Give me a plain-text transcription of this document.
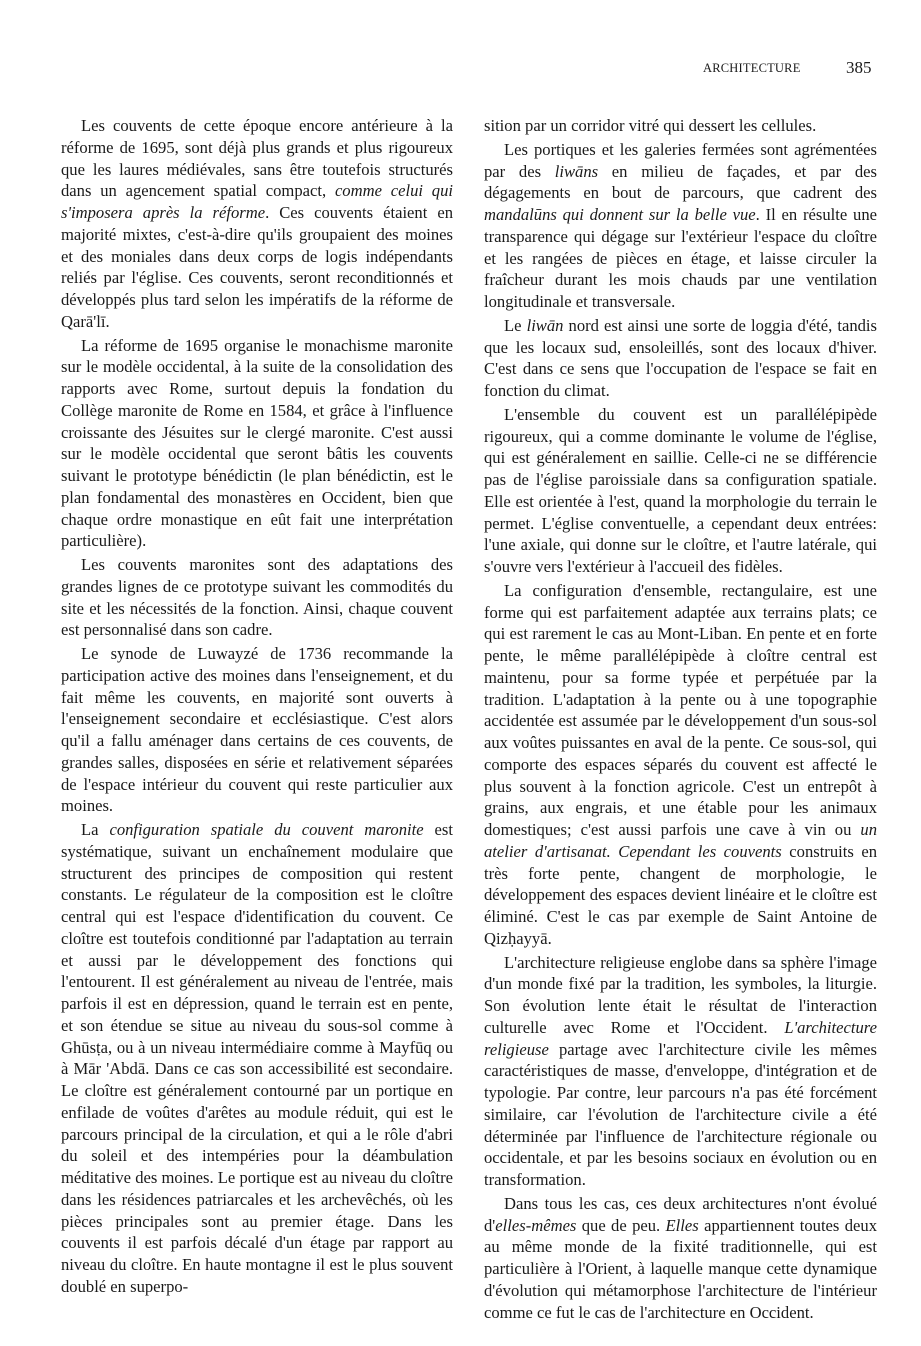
ARCHITECTURE	385

Les couvents de cette époque encore antérieure à la réforme de 1695, sont déjà plus grands et plus rigoureux que les laures médiévales, sans être toutefois structurés dans un agencement spatial compact, comme celui qui s'imposera après la réforme. Ces couvents étaient en majorité mixtes, c'est-à-dire qu'ils groupaient des moines et des moniales dans deux corps de logis indépendants reliés par l'église. Ces couvents, seront reconditionnés et développés plus tard selon les impératifs de la réforme de Qarā'lī.

La réforme de 1695 organise le monachisme maronite sur le modèle occidental, à la suite de la consolidation des rapports avec Rome, surtout depuis la fondation du Collège maronite de Rome en 1584, et grâce à l'influence croissante des Jésuites sur le clergé maronite. C'est aussi sur le modèle occidental que seront bâtis les couvents suivant le prototype bénédictin (le plan bénédictin, est le plan fondamental des monastères en Occident, bien que chaque ordre monastique en eût fait une interprétation particulière).

Les couvents maronites sont des adaptations des grandes lignes de ce prototype suivant les commodités du site et les nécessités de la fonction. Ainsi, chaque couvent est personnalisé dans son cadre.

Le synode de Luwayzé de 1736 recommande la participation active des moines dans l'enseignement, et du fait même les couvents, en majorité sont ouverts à l'enseignement secondaire et ecclésiastique. C'est alors qu'il a fallu aménager dans certains de ces couvents, de grandes salles, disposées en série et relativement séparées de l'espace intérieur du couvent qui reste particulier aux moines.

La configuration spatiale du couvent maronite est systématique, suivant un enchaînement modulaire que structurent des principes de composition qui restent constants. Le régulateur de la composition est le cloître central qui est l'espace d'identification du couvent. Ce cloître est toutefois conditionné par l'adaptation au terrain et aussi par le développement des fonctions qui l'entourent. Il est généralement au niveau de l'entrée, mais parfois il est en dépression, quand le terrain est en pente, et son étendue se situe au niveau du sous-sol comme à Ghūsṭa, ou à un niveau intermédiaire comme à Mayfūq ou à Mār 'Abdā. Dans ce cas son accessibilité est secondaire. Le cloître est généralement contourné par un portique en enfilade de voûtes d'arêtes au module réduit, qui est le parcours principal de la circulation, et qui a le rôle d'abri du soleil et des intempéries pour la déambulation méditative des moines. Le portique est au niveau du cloître dans les résidences patriarcales et les archevêchés, où les pièces principales sont au premier étage. Dans les couvents il est parfois décalé d'un étage par rapport au niveau du cloître. En haute montagne il est le plus souvent doublé en superpo-

sition par un corridor vitré qui dessert les cellules.

Les portiques et les galeries fermées sont agrémentées par des liwāns en milieu de façades, et par des dégagements en bout de parcours, que cadrent des mandalūns qui donnent sur la belle vue. Il en résulte une transparence qui dégage sur l'extérieur l'espace du cloître et les rangées de pièces en étage, et laisse circuler la fraîcheur durant les mois chauds par une ventilation longitudinale et transversale.

Le liwān nord est ainsi une sorte de loggia d'été, tandis que les locaux sud, ensoleillés, sont des locaux d'hiver. C'est dans ce sens que l'occupation de l'espace se fait en fonction du climat.

L'ensemble du couvent est un parallélépipède rigoureux, qui a comme dominante le volume de l'église, qui est généralement en saillie. Celle-ci ne se différencie pas de l'église paroissiale dans sa configuration spatiale. Elle est orientée à l'est, quand la morphologie du terrain le permet. L'église conventuelle, a cependant deux entrées: l'une axiale, qui donne sur le cloître, et l'autre latérale, qui s'ouvre vers l'extérieur à l'accueil des fidèles.

La configuration d'ensemble, rectangulaire, est une forme qui est parfaitement adaptée aux terrains plats; ce qui est rarement le cas au Mont-Liban. En pente et en forte pente, le même parallélépipède à cloître central est maintenu, pour sa forme typée et perpétuée par la tradition. L'adaptation à la pente ou à une topographie accidentée est assumée par le développement d'un sous-sol aux voûtes puissantes en aval de la pente. Ce sous-sol, qui comporte des espaces séparés du couvent est affecté le plus souvent à la fonction agricole. C'est un entrepôt à grains, aux engrais, et une étable pour les animaux domestiques; c'est aussi parfois une cave à vin ou un atelier d'artisanat. Cependant les couvents construits en très forte pente, changent de morphologie, le développement des espaces devient linéaire et le cloître est éliminé. C'est le cas par exemple de Saint Antoine de Qizḥayyā.

L'architecture religieuse englobe dans sa sphère l'image d'un monde fixé par la tradition, les symboles, la liturgie. Son évolution lente était le résultat de l'interaction culturelle avec Rome et l'Occident. L'architecture religieuse partage avec l'architecture civile les mêmes caractéristiques de masse, d'enveloppe, d'intégration et de typologie. Par contre, leur parcours n'a pas été forcément similaire, car l'évolution de l'architecture civile a été déterminée par l'influence de l'architecture régionale ou occidentale, et par les besoins sociaux en évolution ou en transformation.

Dans tous les cas, ces deux architectures n'ont évolué d'elles-mêmes que de peu. Elles appartiennent toutes deux au même monde de la fixité traditionnelle, qui est particulière à l'Orient, à laquelle manque cette dynamique d'évolution qui métamorphose l'architecture de l'intérieur comme ce fut le cas de l'architecture en Occident.
